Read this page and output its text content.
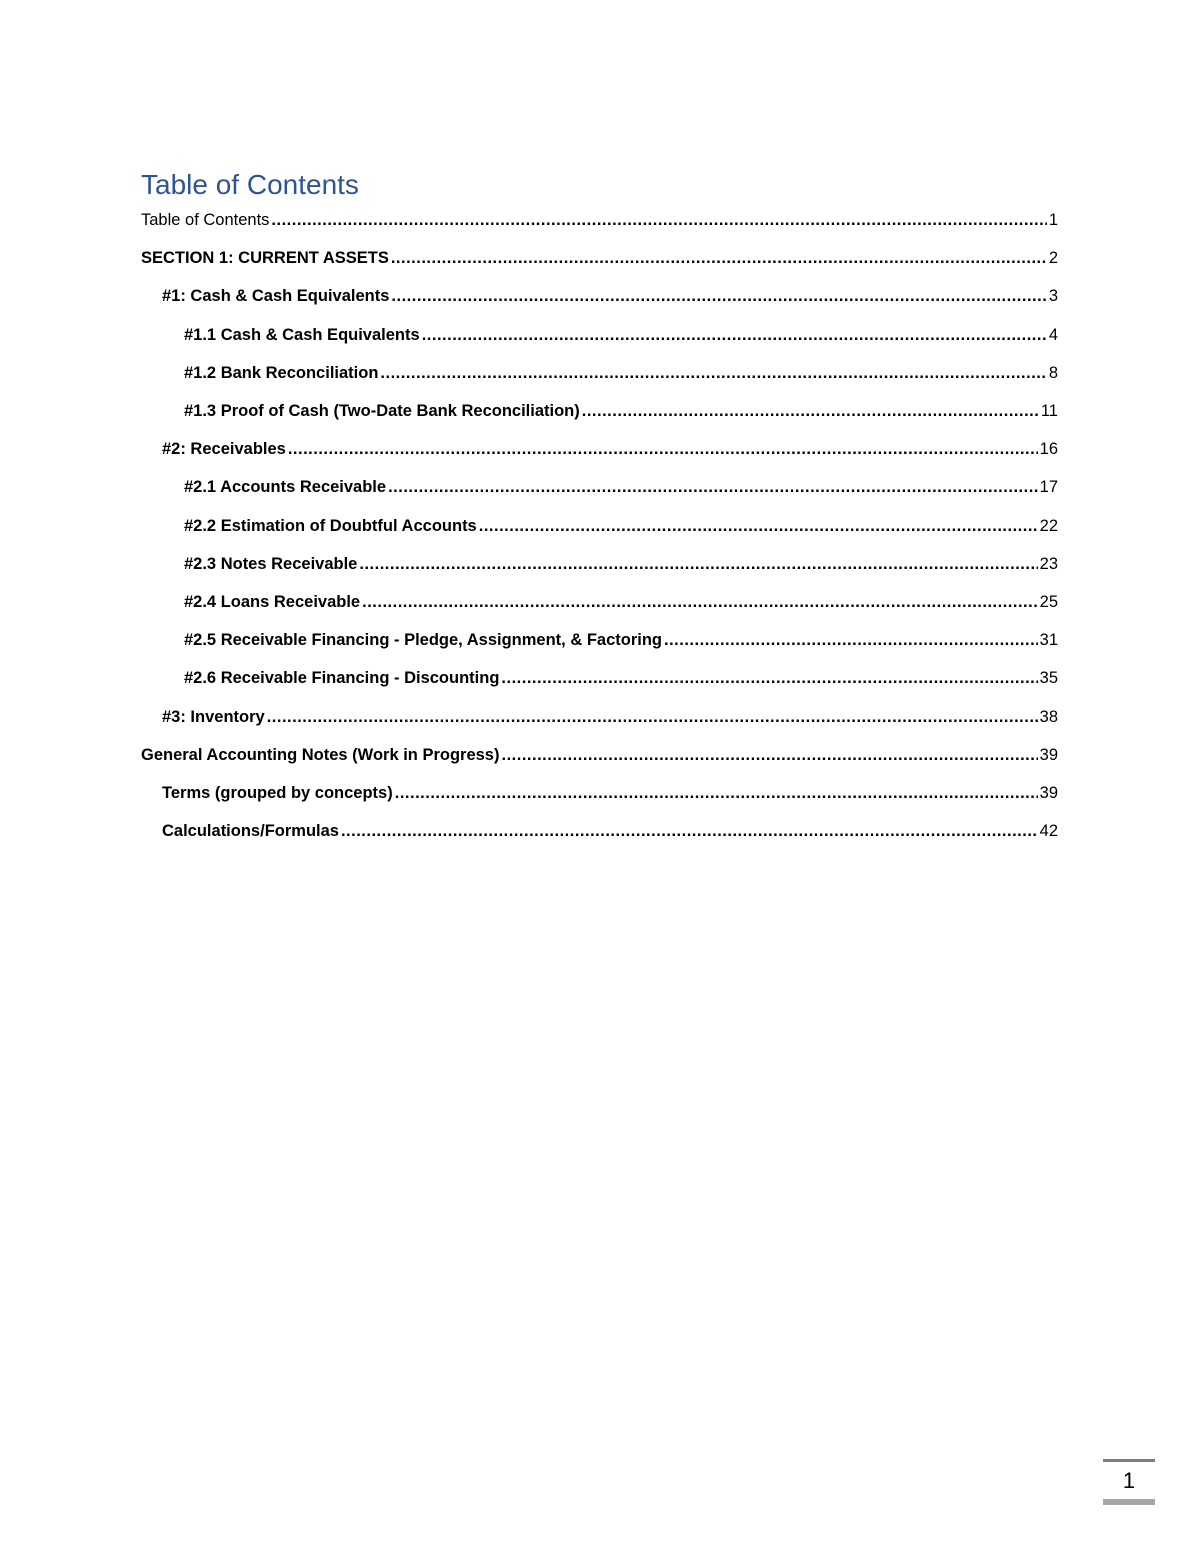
Table of Contents
Table of Contents .....	1
SECTION 1: CURRENT ASSETS .....	2
#1: Cash & Cash Equivalents .....	3
#1.1 Cash & Cash Equivalents .....	4
#1.2 Bank Reconciliation .....	8
#1.3 Proof of Cash (Two-Date Bank Reconciliation) .....	11
#2: Receivables .....	16
#2.1 Accounts Receivable .....	17
#2.2 Estimation of Doubtful Accounts .....	22
#2.3 Notes Receivable .....	23
#2.4 Loans Receivable .....	25
#2.5 Receivable Financing - Pledge, Assignment, & Factoring .....	31
#2.6 Receivable Financing - Discounting .....	35
#3: Inventory .....	38
General Accounting Notes (Work in Progress) .....	39
Terms (grouped by concepts) .....	39
Calculations/Formulas .....	42
1
